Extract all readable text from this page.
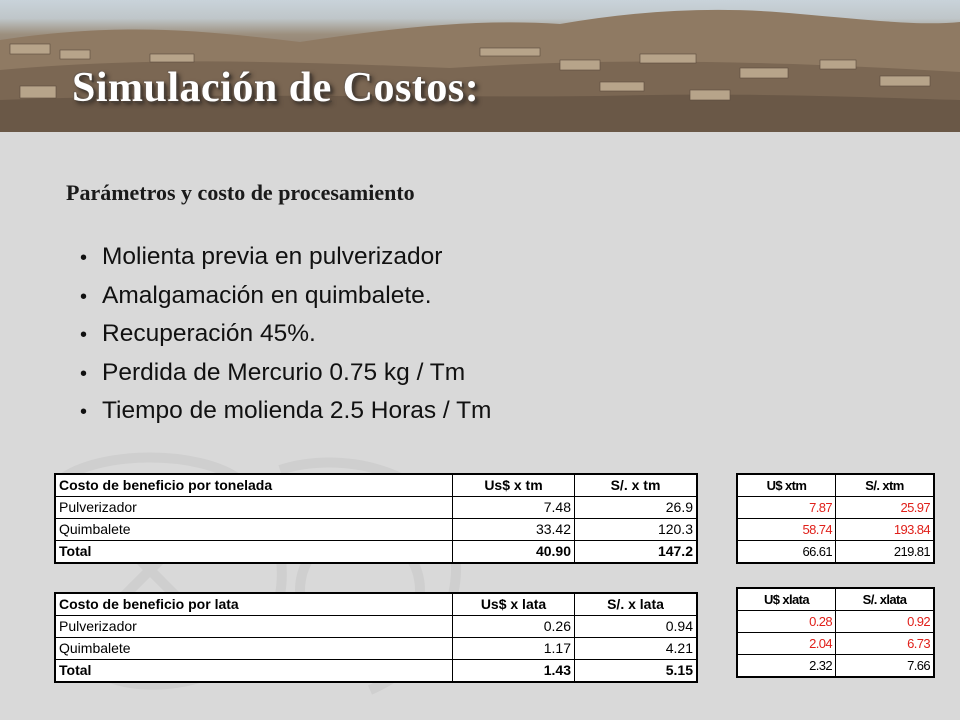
Simulación de Costos:
Parámetros y costo de procesamiento
• Molienta previa en pulverizador
• Amalgamación en quimbalete.
• Recuperación 45%.
• Perdida de Mercurio 0.75 kg / Tm
• Tiempo de molienda 2.5 Horas / Tm
Costo de beneficio por tonelada	Us$ x tm	S/. x tm
Pulverizador	7.48	26.9
Quimbalete	33.42	120.3
Total	40.90	147.2
Costo de beneficio por lata	Us$ x lata	S/. x lata
Pulverizador	0.26	0.94
Quimbalete	1.17	4.21
Total	1.43	5.15
U$ xtm	S/. xtm
7.87	25.97
58.74	193.84
66.61	219.81
U$ xlata	S/. xlata
0.28	0.92
2.04	6.73
2.32	7.66
